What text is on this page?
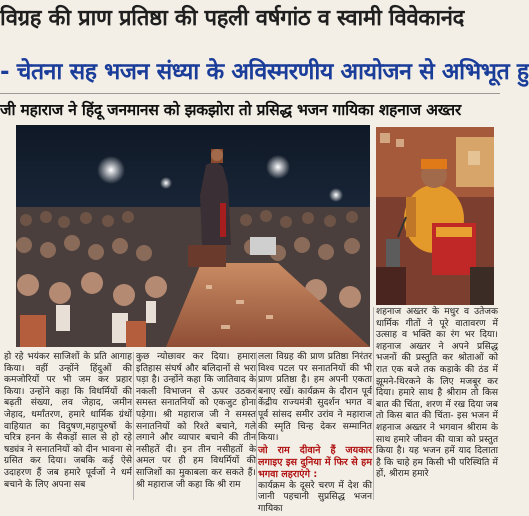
विग्रह की प्राण प्रतिष्ठा की पहली वर्षगांठ व स्वामी विवेकानंद
- चेतना सह भजन संध्या के अविस्मरणीय आयोजन से अभिभूत हु
जी महाराज ने हिंदू जनमानस को झकझोरा तो प्रसिद्ध भजन गायिका शहनाज अख्तर

हो रहे भयंकर साजिशों के प्रति आगाह किया। वहीं उन्होंने हिंदुओं की कमजोरियों पर भी जम कर प्रहार किया। उन्होंने कहा कि विधर्मियों की बढ़ती संख्या, लव जेहाद, जमीन जेहाद, धर्मांतरण, हमारे धार्मिक ग्रंथों वाहियात का विदुषण,महापुरुषों के चरित्र हनन के सैकड़ों साल से हो रहे षड्यंत्र ने सनातनियों को दीन भावना से ग्रसित कर दिया। जबकि कई ऐसे उदाहरण हैं जब हमारे पूर्वजों ने धर्म बचाने के लिए अपना सब

कुछ न्योछावर कर दिया। हमारा इतिहास संघर्ष और बलिदानों से भरा पड़ा है। उन्होंने कहा कि जातिवाद के नकली विभाजन से ऊपर उठकर समस्त सनातनियों को एकजुट होना पड़ेगा। श्री महाराज जी ने समस्त सनातनियों को रिश्ते बचाने, गले लगाने और व्यापार बचाने की तीन नसीहतें दी। इन तीन नसीहतों के अमल पर ही हम विधर्मियों की साजिशों का मुकाबला कर सकते हैं। श्री महाराज जी कहा कि श्री राम

लला विग्रह की प्राण प्रतिष्ठा निरंतर विश्व पटल पर सनातनियों की भी प्राण प्रतिष्ठा है। हम अपनी एकता बनाए रखें। कार्यक्रम के दौरान पूर्व केंद्रीय राज्यमंत्री सुदर्शन भगत व पूर्व सांसद समीर उरांव ने महाराज की स्मृति चिन्ह देकर सम्मानित किया।

जो राम दीवाने हैं जयकार लगाइए इस दुनिया में फिर से हम भगवा लहराएंगे :

कार्यक्रम के दूसरे चरण में देश की जानी पहचानी सुप्रसिद्ध भजन गायिका

शहनाज अख्तर के मधुर व उतेजक धार्मिक गीतों ने पूरे वातावरण में उत्साह व भक्ति का रंग भर दिया। शहनाज अख्तर ने अपने प्रसिद्ध भजनों की प्रस्तुति कर श्रोताओं को रात एक बजे तक कड़ाके की ठंड में झूमने-थिरकने के लिए मजबूर कर दिया। हमारे साथ है श्रीराम तो किस बात की चिंता, शरण में रख दिया जब तो किस बात की चिंता- इस भजन में शहनाज अख्तर ने भगवान श्रीराम के साथ हमारे जीवन की यात्रा को प्रस्तुत किया है। यह भजन हमें याद दिलाता है कि चाहे हम किसी भी परिस्थिति में हों, श्रीराम हमारे
